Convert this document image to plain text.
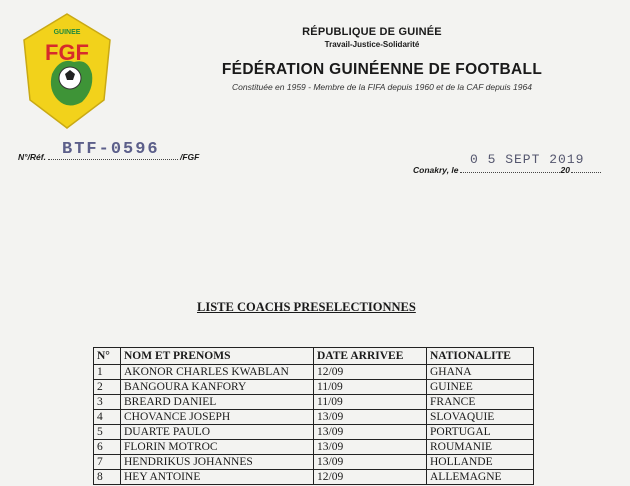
FGF
GUINEE	RÉPUBLIQUE DE GUINÉE
Travail-Justice-Solidarité
FÉDÉRATION GUINÉENNE DE FOOTBALL
Constituée en 1959 - Membre de la FIFA depuis 1960 et de la CAF depuis 1964
N°/Réf.	/FGF
BTF-0596
0 5 SEPT 2019
Conakry, le	20
LISTE COACHS PRESELECTIONNES
N°	NOM ET PRENOMS	DATE ARRIVEE	NATIONALITE
1	AKONOR CHARLES KWABLAN	12/09	GHANA
2	BANGOURA KANFORY	11/09	GUINEE
3	BREARD DANIEL	11/09	FRANCE
4	CHOVANCE JOSEPH	13/09	SLOVAQUIE
5	DUARTE PAULO	13/09	PORTUGAL
6	FLORIN MOTROC	13/09	ROUMANIE
7	HENDRIKUS JOHANNES	13/09	HOLLANDE
8	HEY ANTOINE	12/09	ALLEMAGNE
